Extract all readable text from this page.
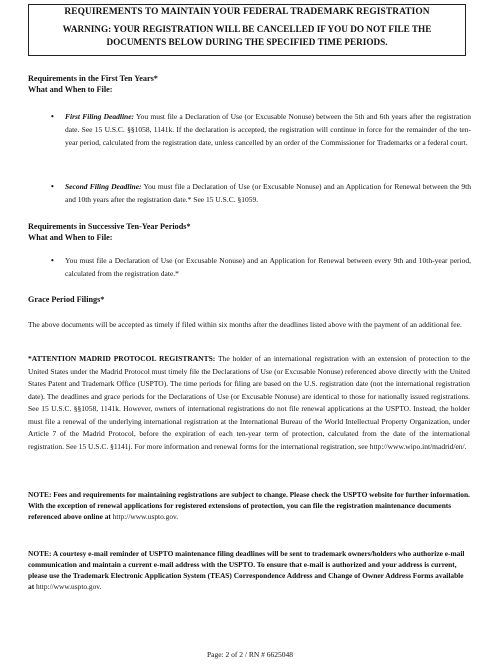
REQUIREMENTS TO MAINTAIN YOUR FEDERAL TRADEMARK REGISTRATION
WARNING: YOUR REGISTRATION WILL BE CANCELLED IF YOU DO NOT FILE THE DOCUMENTS BELOW DURING THE SPECIFIED TIME PERIODS.
Requirements in the First Ten Years*
What and When to File:
• First Filing Deadline: You must file a Declaration of Use (or Excusable Nonuse) between the 5th and 6th years after the registration date. See 15 U.S.C. §§1058, 1141k. If the declaration is accepted, the registration will continue in force for the remainder of the ten-year period, calculated from the registration date, unless cancelled by an order of the Commissioner for Trademarks or a federal court.
• Second Filing Deadline: You must file a Declaration of Use (or Excusable Nonuse) and an Application for Renewal between the 9th and 10th years after the registration date.* See 15 U.S.C. §1059.
Requirements in Successive Ten-Year Periods*
What and When to File:
• You must file a Declaration of Use (or Excusable Nonuse) and an Application for Renewal between every 9th and 10th-year period, calculated from the registration date.*
Grace Period Filings*
The above documents will be accepted as timely if filed within six months after the deadlines listed above with the payment of an additional fee.
*ATTENTION MADRID PROTOCOL REGISTRANTS: The holder of an international registration with an extension of protection to the United States under the Madrid Protocol must timely file the Declarations of Use (or Excusable Nonuse) referenced above directly with the United States Patent and Trademark Office (USPTO). The time periods for filing are based on the U.S. registration date (not the international registration date). The deadlines and grace periods for the Declarations of Use (or Excusable Nonuse) are identical to those for nationally issued registrations. See 15 U.S.C. §§1058, 1141k. However, owners of international registrations do not file renewal applications at the USPTO. Instead, the holder must file a renewal of the underlying international registration at the International Bureau of the World Intellectual Property Organization, under Article 7 of the Madrid Protocol, before the expiration of each ten-year term of protection, calculated from the date of the international registration. See 15 U.S.C. §1141j. For more information and renewal forms for the international registration, see http://www.wipo.int/madrid/en/.
NOTE: Fees and requirements for maintaining registrations are subject to change. Please check the USPTO website for further information. With the exception of renewal applications for registered extensions of protection, you can file the registration maintenance documents referenced above online at http://www.uspto.gov.
NOTE: A courtesy e-mail reminder of USPTO maintenance filing deadlines will be sent to trademark owners/holders who authorize e-mail communication and maintain a current e-mail address with the USPTO. To ensure that e-mail is authorized and your address is current, please use the Trademark Electronic Application System (TEAS) Correspondence Address and Change of Owner Address Forms available at http://www.uspto.gov.
Page: 2 of 2 / RN # 6625048
